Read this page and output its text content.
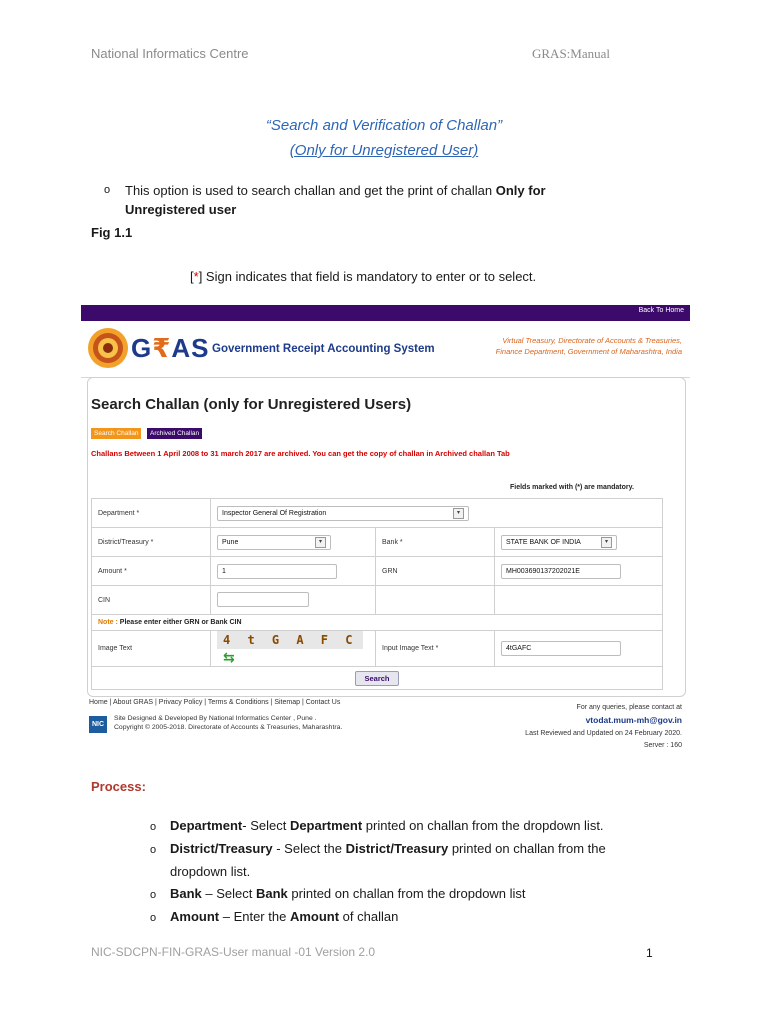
National Informatics Centre	GRAS:Manual
“Search and Verification of Challan”
(Only for Unregistered User)
o This option is used to search challan and get the print of challan Only for
Unregistered user
Fig 1.1
[*] Sign indicates that field is mandatory to enter or to select.
Back To Home
G₹AS Government Receipt Accounting System
Virtual Treasury, Directorate of Accounts & Treasuries,
Finance Department, Government of Maharashtra, India
Search Challan (only for Unregistered Users)
Search Challan	Archived Challan
Challans Between 1 April 2008 to 31 march 2017 are archived. You can get the copy of challan in Archived challan Tab
Fields marked with (*) are mandatory.
Department *	Inspector General Of Registration ▾		

District/Treasury *	Pune ▾	Bank *	STATE BANK OF INDIA ▾

Amount *	1	GRN	MH003690137202021E
CIN			
Note : Please enter either GRN or Bank CIN			
Image Text	4 t G A F C⇆	Input Image Text *	4tGAFC
Search			
Home | About GRAS | Privacy Policy | Terms & Conditions | Sitemap | Contact Us
NIC
Site Designed & Developed By National Informatics Center , Pune .
Copyright © 2005-2018. Directorate of Accounts & Treasuries, Maharashtra.
For any queries, please contact at
vtodat.mum-mh@gov.in
Last Reviewed and Updated on 24 February 2020.
Server : 160
Process:
o Department- Select Department printed on challan from the dropdown list.
o District/Treasury - Select the District/Treasury printed on challan from the
dropdown list.
o Bank – Select Bank printed on challan from the dropdown list
o Amount – Enter the Amount of challan
NIC-SDCPN-FIN-GRAS-User manual -01 Version 2.0	1
